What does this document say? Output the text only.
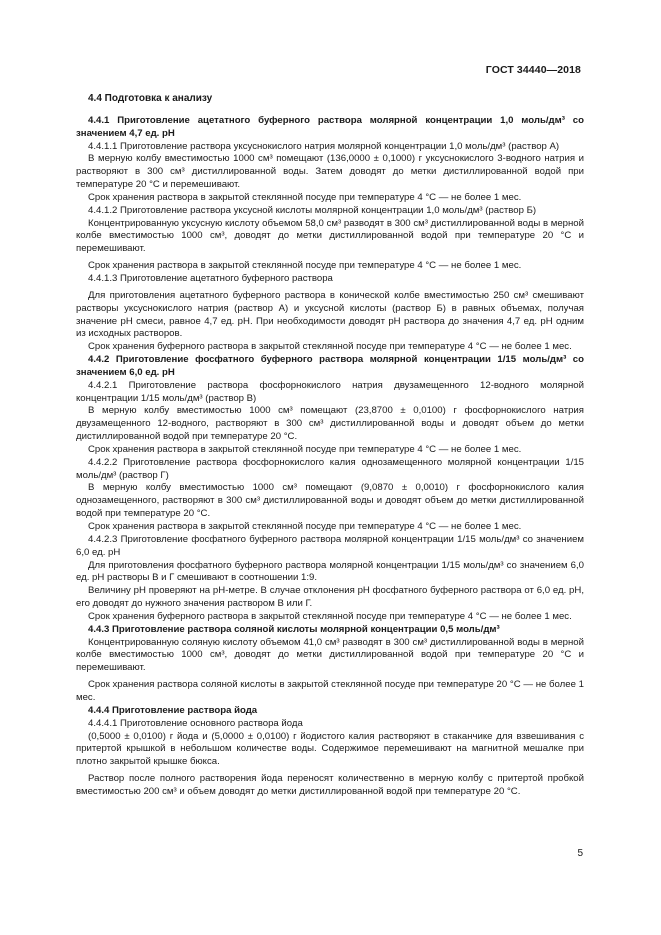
ГОСТ 34440—2018

4.4 Подготовка к анализу

4.4.1 Приготовление ацетатного буферного раствора молярной концентрации 1,0 моль/дм³ со значением 4,7 ед. pH

4.4.1.1 Приготовление раствора уксуснокислого натрия молярной концентрации 1,0 моль/дм³ (раствор А)

В мерную колбу вместимостью 1000 см³ помещают (136,0000 ± 0,1000) г уксуснокислого 3-водного натрия и растворяют в 300 см³ дистиллированной воды. Затем доводят до метки дистиллированной водой при температуре 20 °С и перемешивают.

Срок хранения раствора в закрытой стеклянной посуде при температуре 4 °С — не более 1 мес.

4.4.1.2 Приготовление раствора уксусной кислоты молярной концентрации 1,0 моль/дм³ (раствор Б)

Концентрированную уксусную кислоту объемом 58,0 см³ разводят в 300 см³ дистиллированной воды в мерной колбе вместимостью 1000 см³, доводят до метки дистиллированной водой при температуре 20 °С и перемешивают.

Срок хранения раствора в закрытой стеклянной посуде при температуре 4 °С — не более 1 мес.

4.4.1.3 Приготовление ацетатного буферного раствора

Для приготовления ацетатного буферного раствора в конической колбе вместимостью 250 см³ смешивают растворы уксуснокислого натрия (раствор А) и уксусной кислоты (раствор Б) в равных объемах, получая значение pH смеси, равное 4,7 ед. pH. При необходимости доводят pH раствора до значения 4,7 ед. pH одним из исходных растворов.

Срок хранения буферного раствора в закрытой стеклянной посуде при температуре 4 °С — не более 1 мес.

4.4.2 Приготовление фосфатного буферного раствора молярной концентрации 1/15 моль/дм³ со значением 6,0 ед. pH

4.4.2.1 Приготовление раствора фосфорнокислого натрия двузамещенного 12-водного молярной концентрации 1/15 моль/дм³ (раствор В)

В мерную колбу вместимостью 1000 см³ помещают (23,8700 ± 0,0100) г фосфорнокислого натрия двузамещенного 12-водного, растворяют в 300 см³ дистиллированной воды и доводят объем до метки дистиллированной водой при температуре 20 °С.

Срок хранения раствора в закрытой стеклянной посуде при температуре 4 °С — не более 1 мес.

4.4.2.2 Приготовление раствора фосфорнокислого калия однозамещенного молярной концентрации 1/15 моль/дм³ (раствор Г)

В мерную колбу вместимостью 1000 см³ помещают (9,0870 ± 0,0010) г фосфорнокислого калия однозамещенного, растворяют в 300 см³ дистиллированной воды и доводят объем до метки дистиллированной водой при температуре 20 °С.

Срок хранения раствора в закрытой стеклянной посуде при температуре 4 °С — не более 1 мес.

4.4.2.3 Приготовление фосфатного буферного раствора молярной концентрации 1/15 моль/дм³ со значением 6,0 ед. pH

Для приготовления фосфатного буферного раствора молярной концентрации 1/15 моль/дм³ со значением 6,0 ед. pH растворы В и Г смешивают в соотношении 1:9.

Величину pH проверяют на pH-метре. В случае отклонения pH фосфатного буферного раствора от 6,0 ед. pH, его доводят до нужного значения раствором В или Г.

Срок хранения буферного раствора в закрытой стеклянной посуде при температуре 4 °С — не более 1 мес.

4.4.3 Приготовление раствора соляной кислоты молярной концентрации 0,5 моль/дм³

Концентрированную соляную кислоту объемом 41,0 см³ разводят в 300 см³ дистиллированной воды в мерной колбе вместимостью 1000 см³, доводят до метки дистиллированной водой при температуре 20 °С и перемешивают.

Срок хранения раствора соляной кислоты в закрытой стеклянной посуде при температуре 20 °С — не более 1 мес.

4.4.4 Приготовление раствора йода

4.4.4.1 Приготовление основного раствора йода

(0,5000 ± 0,0100) г йода и (5,0000 ± 0,0100) г йодистого калия растворяют в стаканчике для взвешивания с притертой крышкой в небольшом количестве воды. Содержимое перемешивают на магнитной мешалке при плотно закрытой крышке бюкса.

Раствор после полного растворения йода переносят количественно в мерную колбу с притертой пробкой вместимостью 200 см³ и объем доводят до метки дистиллированной водой при температуре 20 °С.

5
